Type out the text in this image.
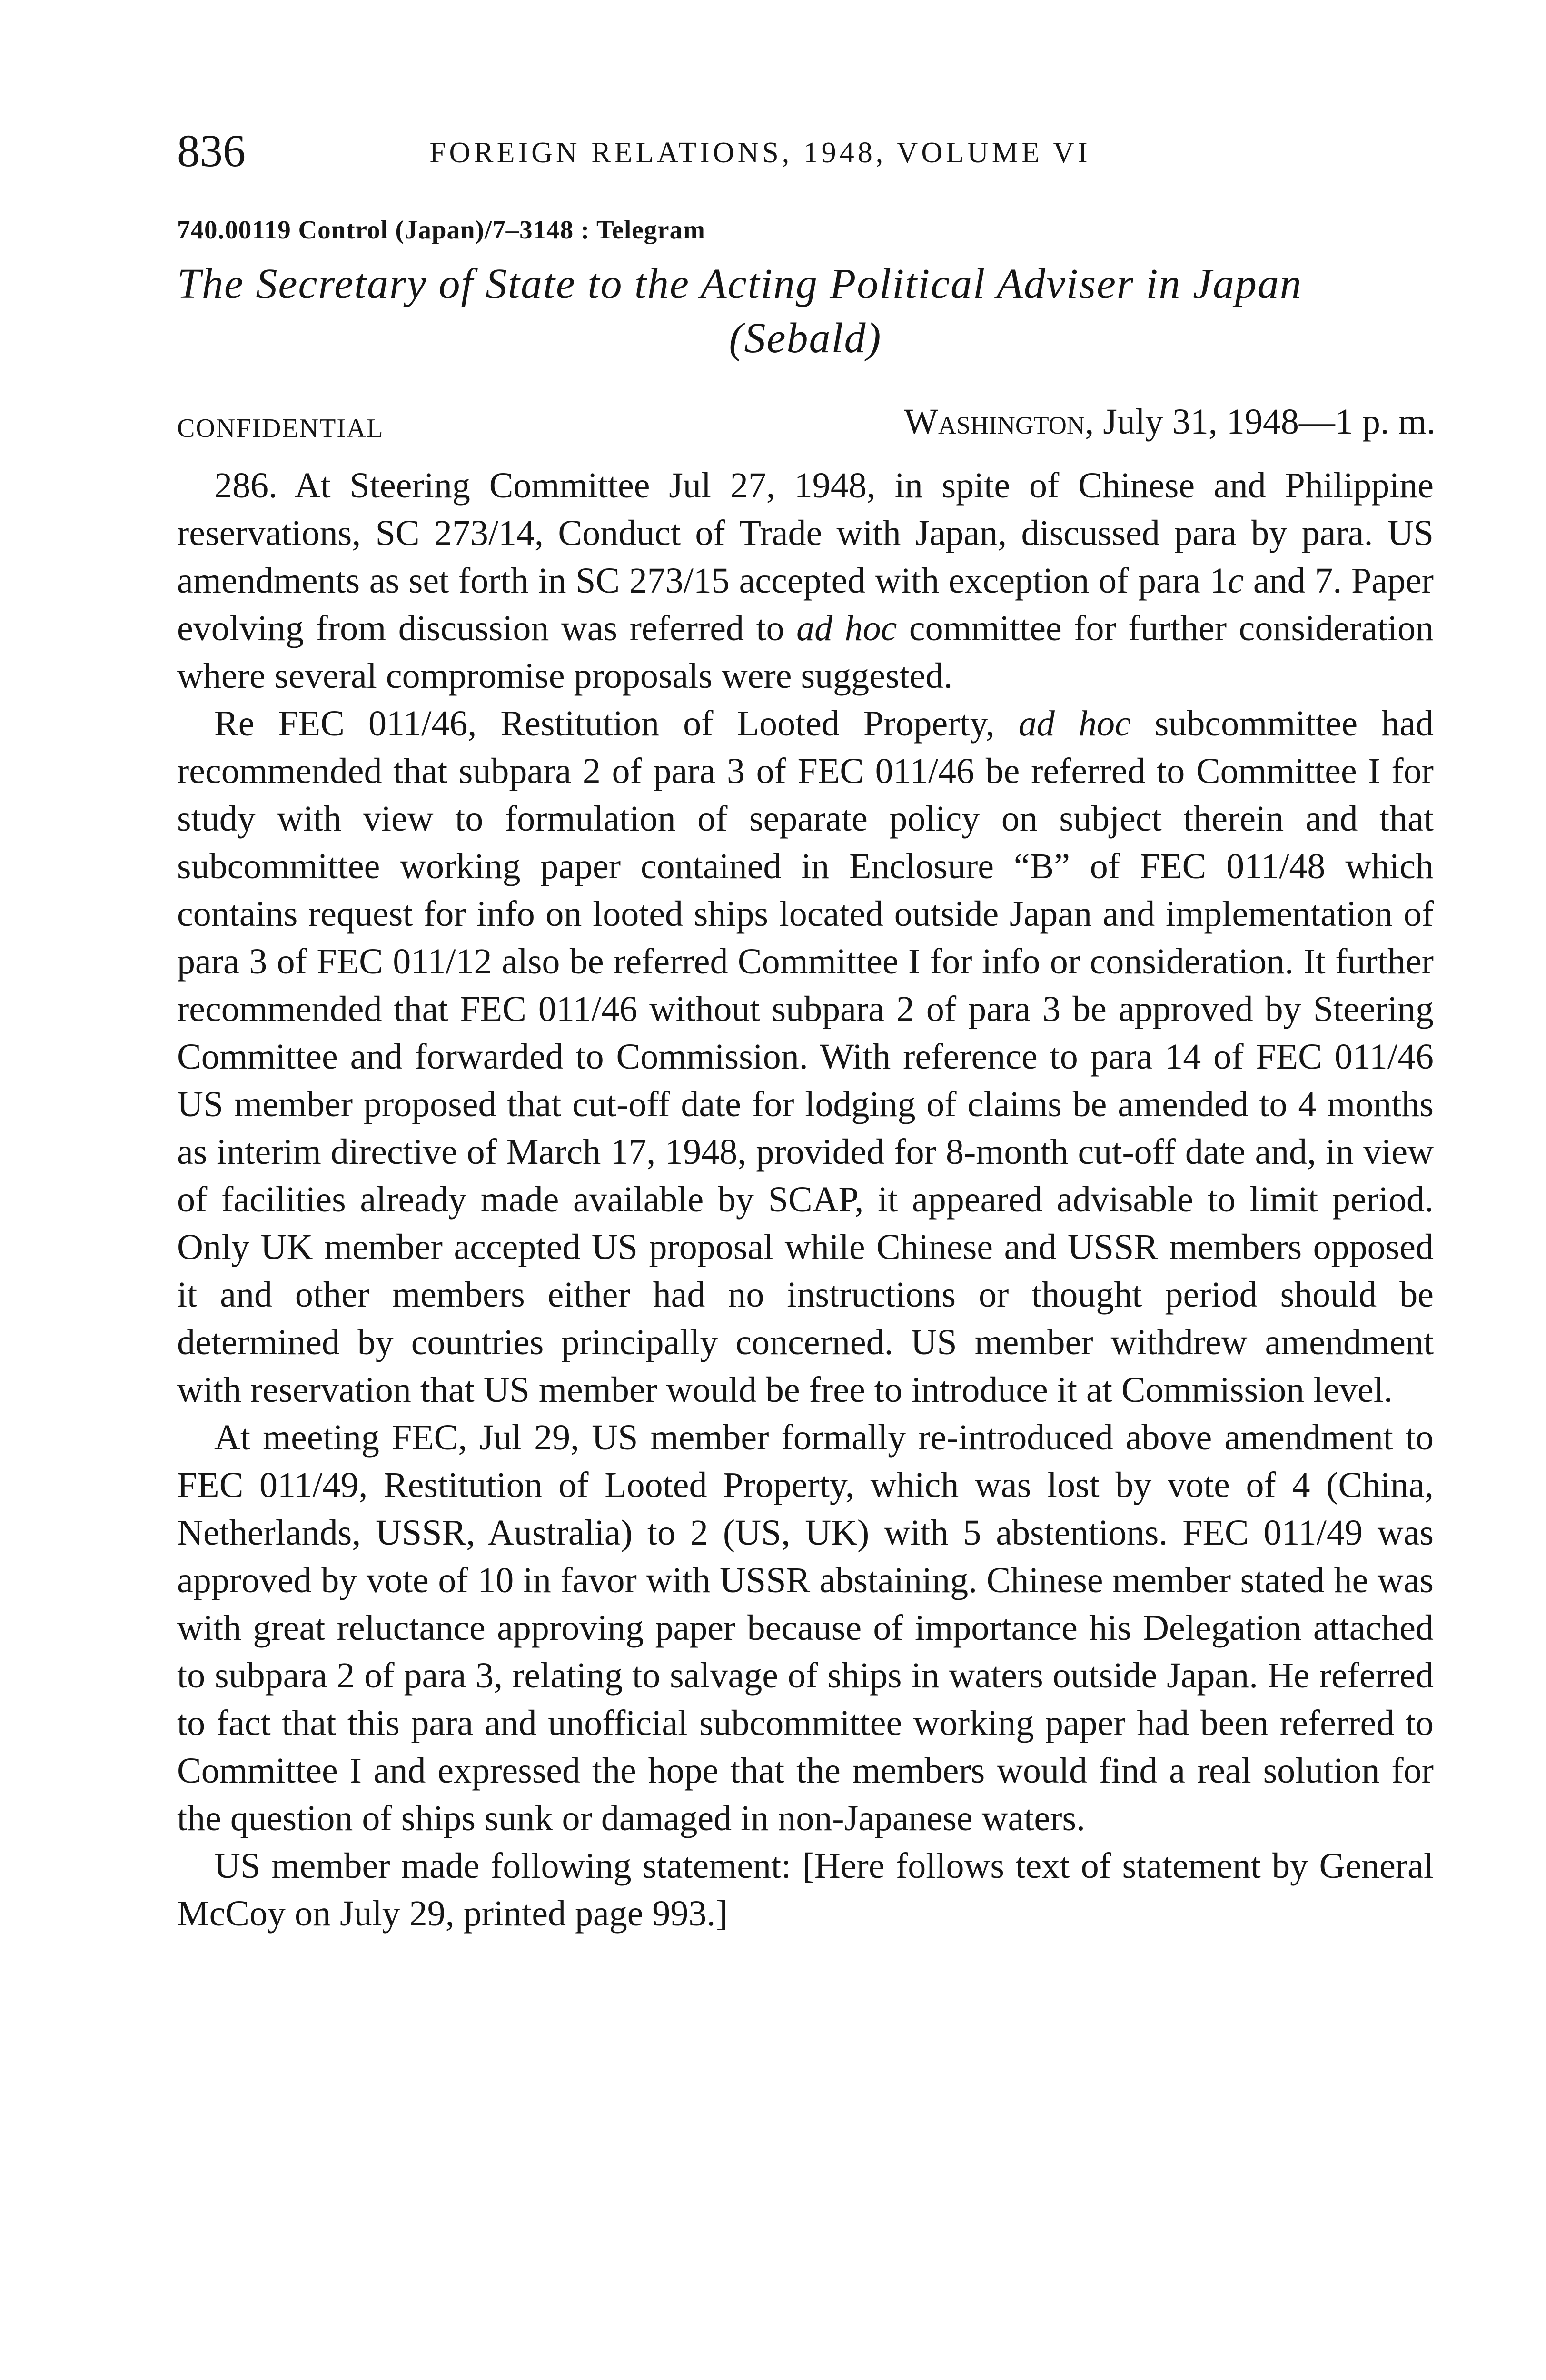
836	FOREIGN RELATIONS, 1948, VOLUME VI
740.00119 Control (Japan)/7–3148 : Telegram
The Secretary of State to the Acting Political Adviser in Japan
(Sebald)
CONFIDENTIAL	Washington, July 31, 1948—1 p. m.

286. At Steering Committee Jul 27, 1948, in spite of Chinese and Philippine reservations, SC 273/14, Conduct of Trade with Japan, discussed para by para. US amendments as set forth in SC 273/15 accepted with exception of para 1c and 7. Paper evolving from discussion was referred to ad hoc committee for further consideration where several compromise proposals were suggested.

Re FEC 011/46, Restitution of Looted Property, ad hoc subcommittee had recommended that subpara 2 of para 3 of FEC 011/46 be referred to Committee I for study with view to formulation of separate policy on subject therein and that subcommittee working paper contained in Enclosure “B” of FEC 011/48 which contains request for info on looted ships located outside Japan and implementation of para 3 of FEC 011/12 also be referred Committee I for info or consideration. It further recommended that FEC 011/46 without subpara 2 of para 3 be approved by Steering Committee and forwarded to Commission. With reference to para 14 of FEC 011/46 US member proposed that cut-off date for lodging of claims be amended to 4 months as interim directive of March 17, 1948, provided for 8-month cut-off date and, in view of facilities already made available by SCAP, it appeared advisable to limit period. Only UK member accepted US proposal while Chinese and USSR members opposed it and other members either had no instructions or thought period should be determined by countries principally concerned. US member withdrew amendment with reservation that US member would be free to introduce it at Commission level.

At meeting FEC, Jul 29, US member formally re-introduced above amendment to FEC 011/49, Restitution of Looted Property, which was lost by vote of 4 (China, Netherlands, USSR, Australia) to 2 (US, UK) with 5 abstentions. FEC 011/49 was approved by vote of 10 in favor with USSR abstaining. Chinese member stated he was with great reluctance approving paper because of importance his Delegation attached to subpara 2 of para 3, relating to salvage of ships in waters outside Japan. He referred to fact that this para and unofficial subcommittee working paper had been referred to Committee I and expressed the hope that the members would find a real solution for the question of ships sunk or damaged in non-Japanese waters.

US member made following statement: [Here follows text of statement by General McCoy on July 29, printed page 993.]
